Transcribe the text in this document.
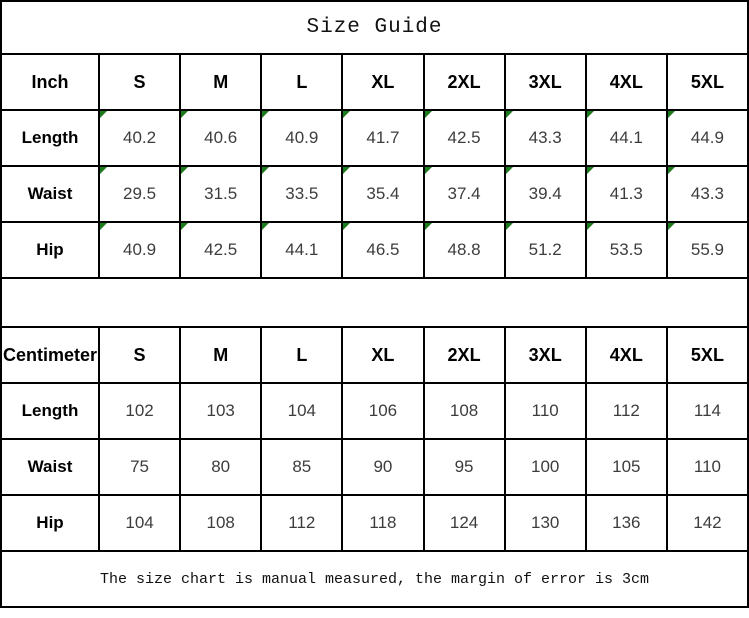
Size Guide
Inch	S	M	L	XL	2XL	3XL	4XL	5XL
Length	40.2	40.6	40.9	41.7	42.5	43.3	44.1	44.9
Waist	29.5	31.5	33.5	35.4	37.4	39.4	41.3	43.3
Hip	40.9	42.5	44.1	46.5	48.8	51.2	53.5	55.9
Centimeter	S	M	L	XL	2XL	3XL	4XL	5XL
Length	102	103	104	106	108	110	112	114
Waist	75	80	85	90	95	100	105	110
Hip	104	108	112	118	124	130	136	142
The size chart is manual measured, the margin of error is 3cm
